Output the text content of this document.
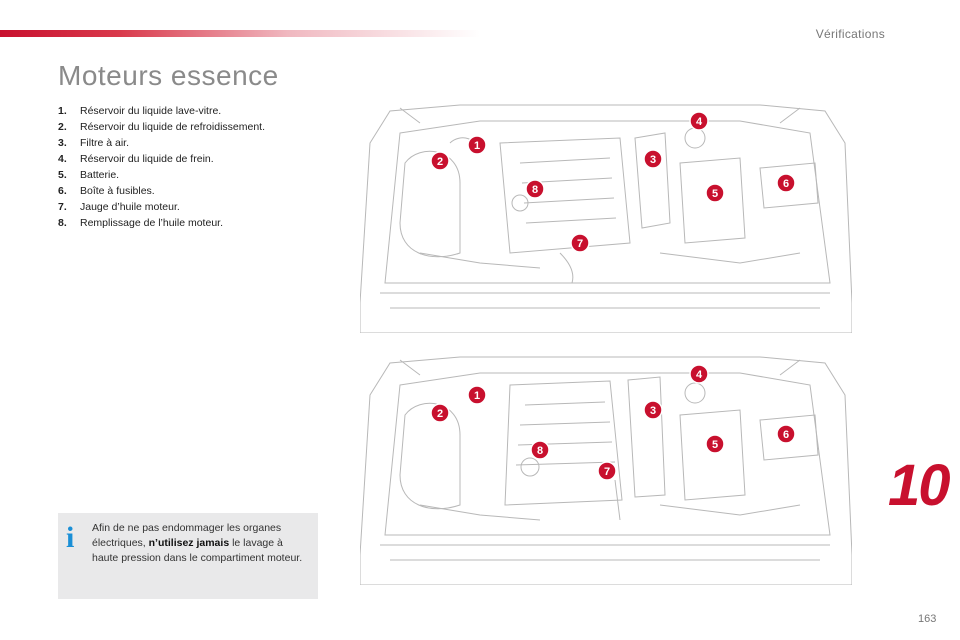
Vérifications
Moteurs essence
1.	Réservoir du liquide lave-vitre.
2.	Réservoir du liquide de refroidissement.
3.	Filtre à air.
4.	Réservoir du liquide de frein.
5.	Batterie.
6.	Boîte à fusibles.
7.	Jauge d’huile moteur.
8.	Remplissage de l’huile moteur.
1
2	3
4
5
6
7
8
1
2	3
4
5
6
7
8
i Afin de ne pas endommager les organes électriques, n’utilisez jamais le lavage à haute pression dans le compartiment moteur.
10
163
